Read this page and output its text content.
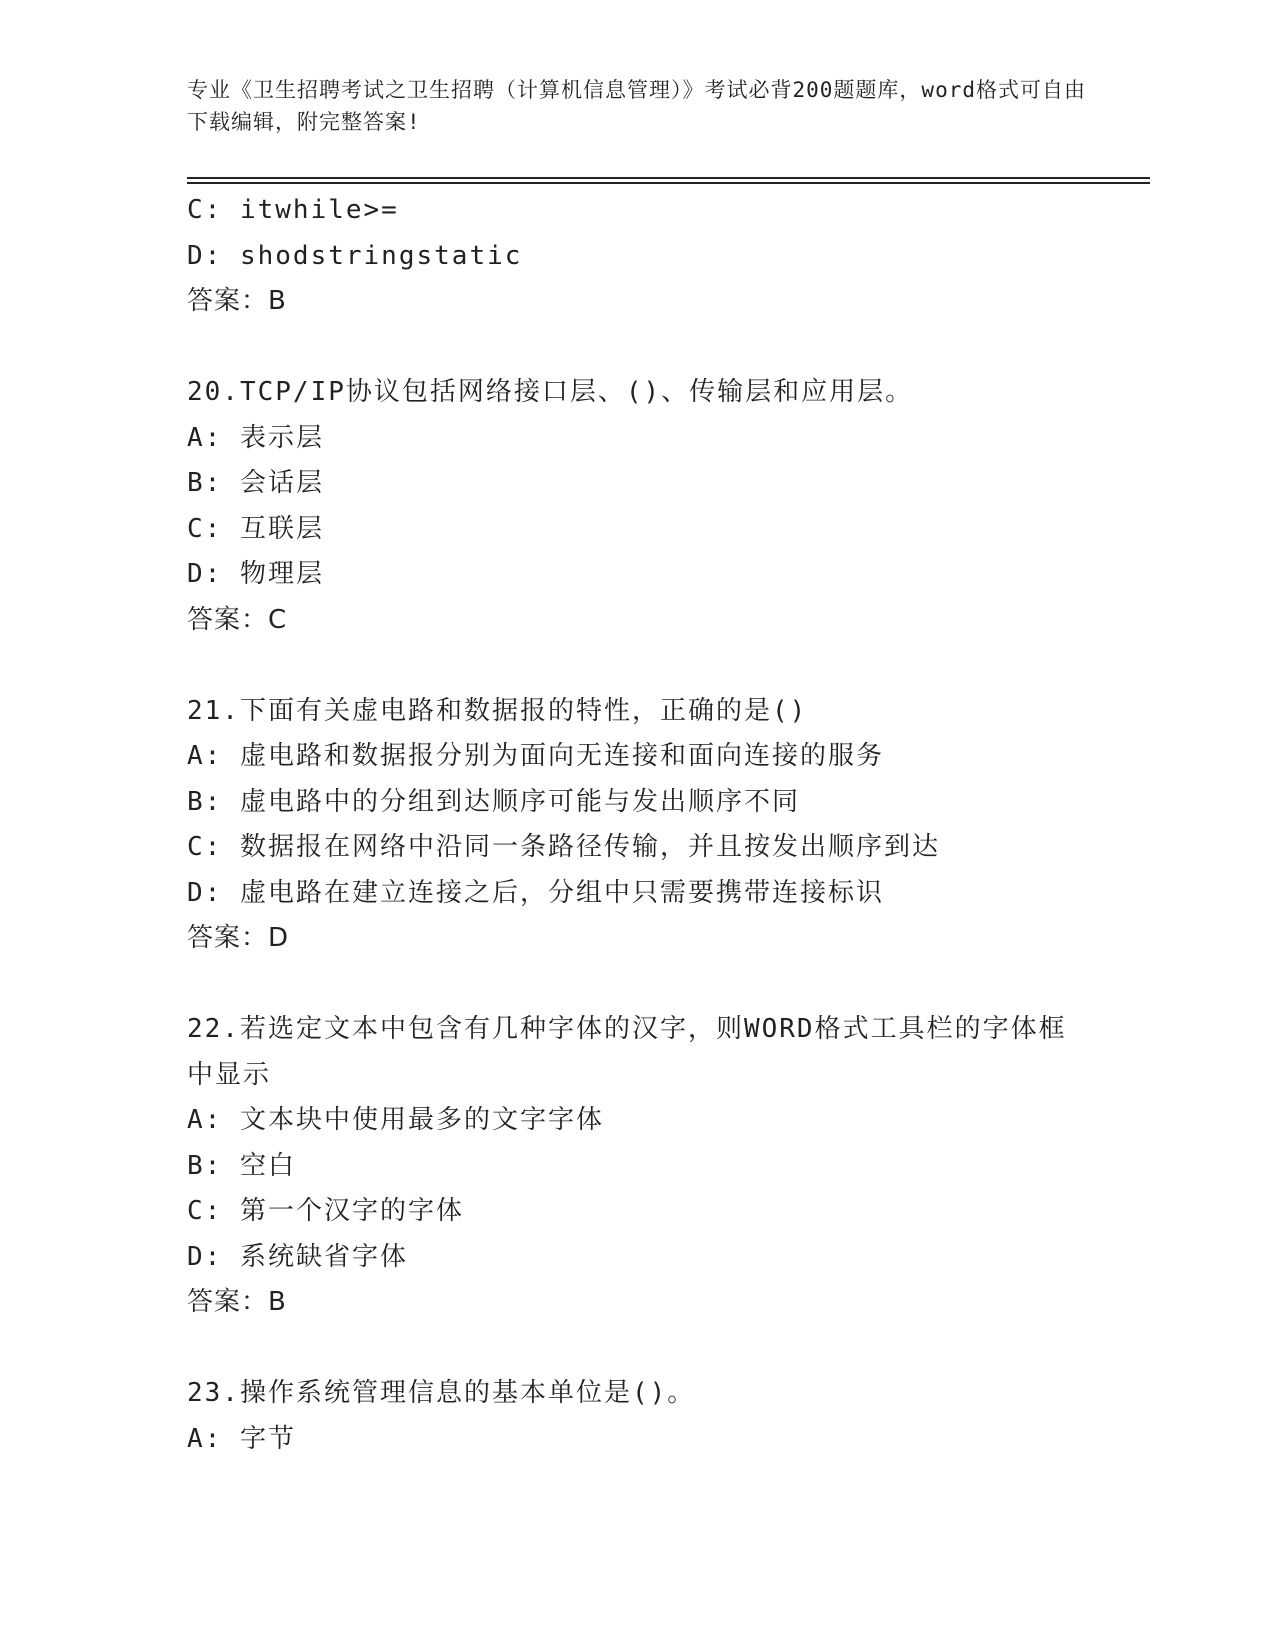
专业《卫生招聘考试之卫生招聘（计算机信息管理）》考试必背200题题库，word格式可自由下载编辑，附完整答案!
C: itwhile>=
D: shodstringstatic
答案：B
20.TCP/IP协议包括网络接口层、()、传输层和应用层。
A: 表示层
B: 会话层
C: 互联层
D: 物理层
答案：C
21.下面有关虚电路和数据报的特性，正确的是()
A: 虚电路和数据报分别为面向无连接和面向连接的服务
B: 虚电路中的分组到达顺序可能与发出顺序不同
C: 数据报在网络中沿同一条路径传输，并且按发出顺序到达
D: 虚电路在建立连接之后，分组中只需要携带连接标识
答案：D
22.若选定文本中包含有几种字体的汉字，则WORD格式工具栏的字体框中显示
A: 文本块中使用最多的文字字体
B: 空白
C: 第一个汉字的字体
D: 系统缺省字体
答案：B
23.操作系统管理信息的基本单位是()。
A: 字节
